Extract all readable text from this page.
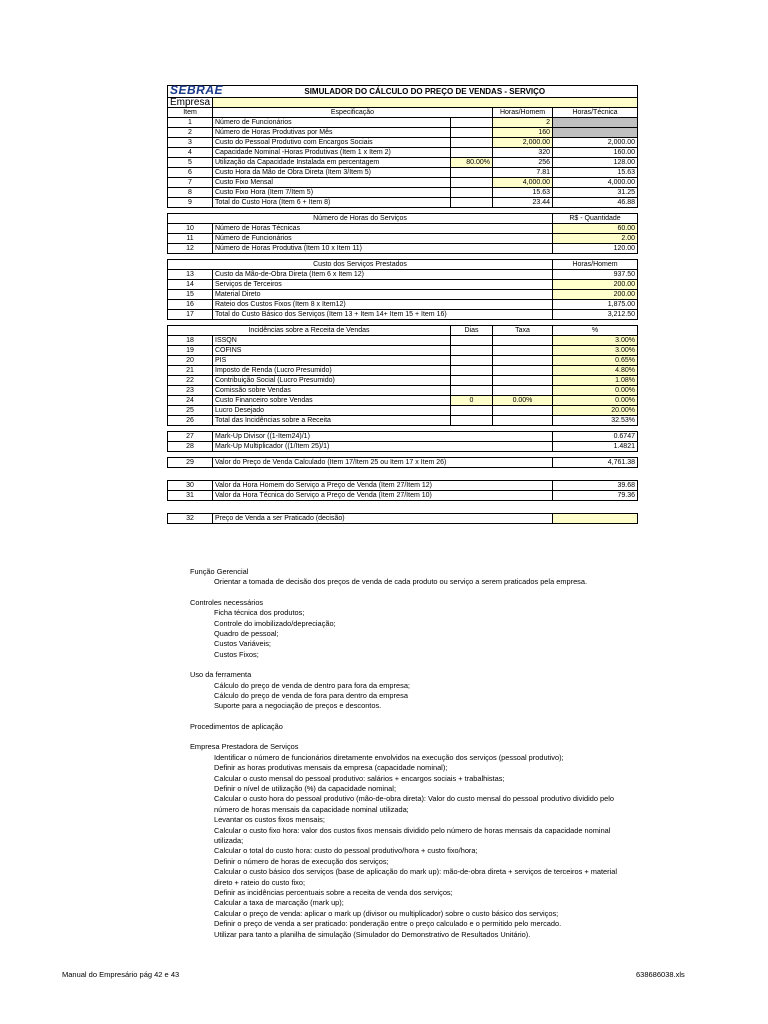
SEBRAE	SIMULADOR DO CÁLCULO DO PREÇO DE VENDAS - SERVIÇO			
Empresa				
Item	Especificação		Horas/Homem	Horas/Técnica
1	Número de Funcionários		2	
2	Número de Horas Produtivas por Mês		160	
3	Custo do Pessoal Produtivo com Encargos Sociais		2,000.00	2,000.00
4	Capacidade Nominal -Horas Produtivas (Item 1 x Item 2)		320	160.00
5	Utilização da Capacidade Instalada em percentagem	80.00%	256	128.00
6	Custo Hora da Mão de Obra Direta (Item 3/Item 5)		7.81	15.63
7	Custo Fixo Mensal		4,000.00	4,000.00
8	Custo Fixo Hora (Item 7/Item 5)		15.63	31.25
9	Total do Custo Hora (Item 6 + Item 8)		23.44	46.88
Número de Horas do Serviços		R$ - Quantidade
10	Número de Horas Técnicas	60.00
11	Número de Funcionários	2.00
12	Número de Horas Produtiva (Item 10 x Item 11)	120.00
Custo dos Serviços Prestados		Horas/Homem
13	Custo da Mão-de-Obra Direta (Item 6 x Item 12)	937.50
14	Serviços de Terceiros	200.00
15	Material Direto	200.00
16	Rateio dos Custos Fixos (Item 8 x Item12)	1,875.00
17	Total do Custo Básico dos Serviços (Item 13 + Item 14+ Item 15 + Item 16)	3,212.50
Incidências sobre a Receita de Vendas		Dias	Taxa	%
18	ISSQN			3.00%
19	COFINS			3.00%
20	PIS			0.65%
21	Imposto de Renda (Lucro Presumido)			4.80%
22	Contribuição Social (Lucro Presumido)			1.08%
23	Comissão sobre Vendas			0.00%
24	Custo Financeiro sobre Vendas	0	0.00%	0.00%
25	Lucro Desejado			20.00%
26	Total das Incidências sobre a Receita			32.53%
27	Mark-Up Divisor ((1-Item24)/1)	0.6747
28	Mark-Up Multiplicador ((1/Item 25)/1)	1.4821
29	Valor do Preço de Venda Calculado (Item 17/Item 25 ou Item 17 x Item 26)	4,761.38
30	Valor da Hora Homem do Serviço a Preço de Venda (Item 27/Item 12)	39.68
31	Valor da Hora Técnica do Serviço a Preço de Venda (Item 27/Item 10)	79.36
32	Preço de Venda a ser Praticado (decisão)	
Função Gerencial
Orientar a tomada de decisão dos preços de venda de cada produto ou serviço a serem praticados pela empresa.
Controles necessários
Ficha técnica dos produtos;
Controle do imobilizado/depreciação;
Quadro de pessoal;
Custos Variáveis;
Custos Fixos;
Uso da ferramenta
Cálculo do preço de venda de dentro para fora da empresa;
Cálculo do preço de venda de fora para dentro da empresa
Suporte para a negociação de preços e descontos.
Procedimentos de aplicação
Empresa Prestadora de Serviços
Identificar o número de funcionários diretamente envolvidos na execução dos serviços (pessoal produtivo);
Definir as horas produtivas mensais da empresa (capacidade nominal);
Calcular o custo mensal do pessoal produtivo: salários + encargos sociais + trabalhistas;
Definir o nível de utilização (%) da capacidade nominal;
Calcular o custo hora do pessoal produtivo (mão-de-obra direta): Valor do custo mensal do pessoal produtivo dividido pelo número de horas mensais da capacidade nominal utilizada;
Levantar os custos fixos mensais;
Calcular o custo fixo hora: valor dos custos fixos mensais dividido pelo número de horas mensais da capacidade nominal utilizada;
Calcular o total do custo hora: custo do pessoal produtivo/hora + custo fixo/hora;
Definir o número de horas de execução dos serviços;
Calcular o custo básico dos serviços (base de aplicação do mark up): mão-de-obra direta + serviços de terceiros + material direto + rateio do custo fixo;
Definir as incidências percentuais sobre a receita de venda dos serviços;
Calcular a taxa de marcação (mark up);
Calcular o preço de venda: aplicar o mark up (divisor ou multiplicador) sobre o custo básico dos serviços;
Definir o preço de venda a ser praticado: ponderação entre o preço calculado e o permitido pelo mercado.
Utilizar para tanto a planilha de simulação (Simulador do Demonstrativo de Resultados Unitário).
Manual do Empresário pág 42 e 43	638686038.xls
